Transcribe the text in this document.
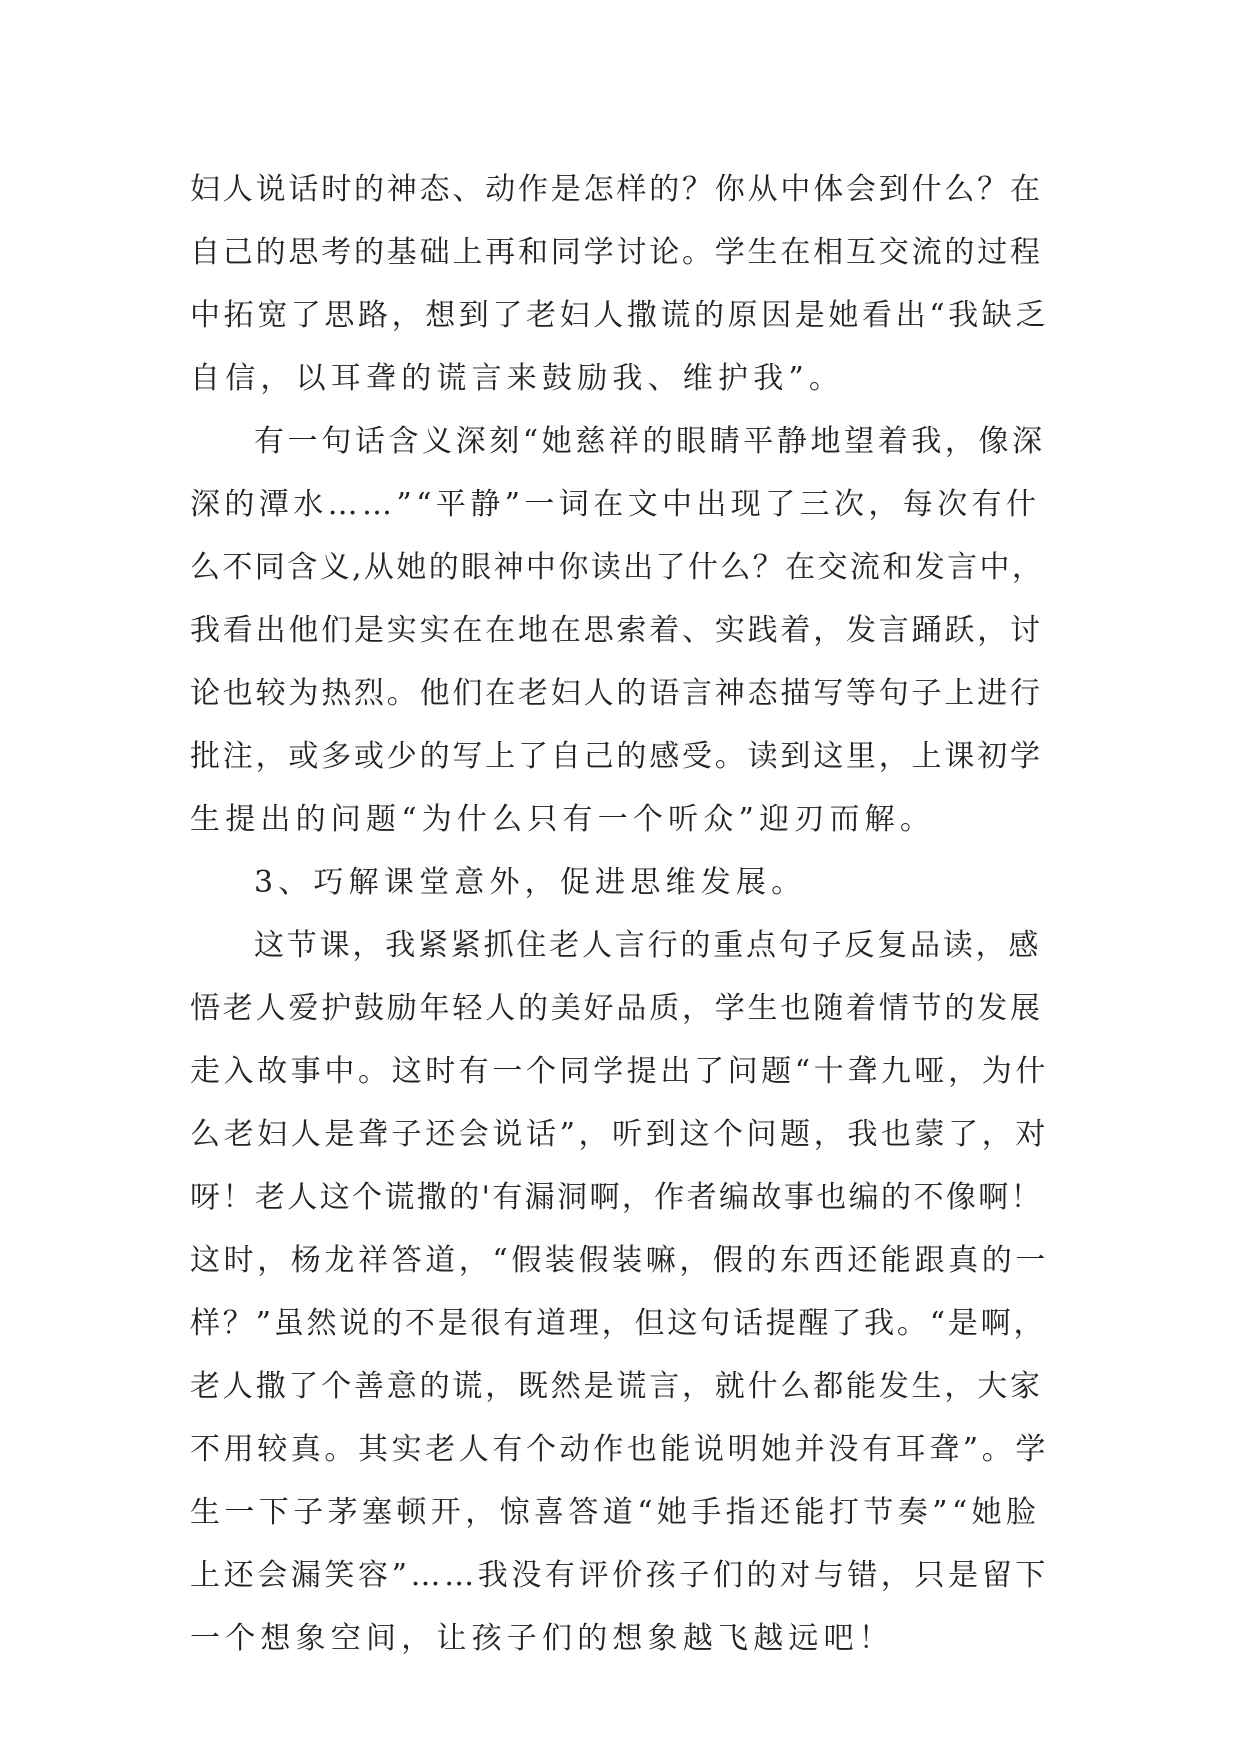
妇人说话时的神态、动作是怎样的？你从中体会到什么？在
自己的思考的基础上再和同学讨论。学生在相互交流的过程
中拓宽了思路，想到了老妇人撒谎的原因是她看出“我缺乏
自信，以耳聋的谎言来鼓励我、维护我”。
有一句话含义深刻“她慈祥的眼睛平静地望着我，像深
深的潭水……”“平静”一词在文中出现了三次，每次有什
么不同含义,从她的眼神中你读出了什么？在交流和发言中，
我看出他们是实实在在地在思索着、实践着，发言踊跃，讨
论也较为热烈。他们在老妇人的语言神态描写等句子上进行
批注，或多或少的写上了自己的感受。读到这里，上课初学
生提出的问题“为什么只有一个听众”迎刃而解。
3、巧解课堂意外，促进思维发展。
这节课，我紧紧抓住老人言行的重点句子反复品读，感
悟老人爱护鼓励年轻人的美好品质，学生也随着情节的发展
走入故事中。这时有一个同学提出了问题“十聋九哑，为什
么老妇人是聋子还会说话”，听到这个问题，我也蒙了，对
呀！老人这个谎撒的'有漏洞啊，作者编故事也编的不像啊！
这时，杨龙祥答道，“假装假装嘛，假的东西还能跟真的一
样？”虽然说的不是很有道理，但这句话提醒了我。“是啊，
老人撒了个善意的谎，既然是谎言，就什么都能发生，大家
不用较真。其实老人有个动作也能说明她并没有耳聋”。学
生一下子茅塞顿开，惊喜答道“她手指还能打节奏”“她脸
上还会漏笑容”……我没有评价孩子们的对与错，只是留下
一个想象空间，让孩子们的想象越飞越远吧！
